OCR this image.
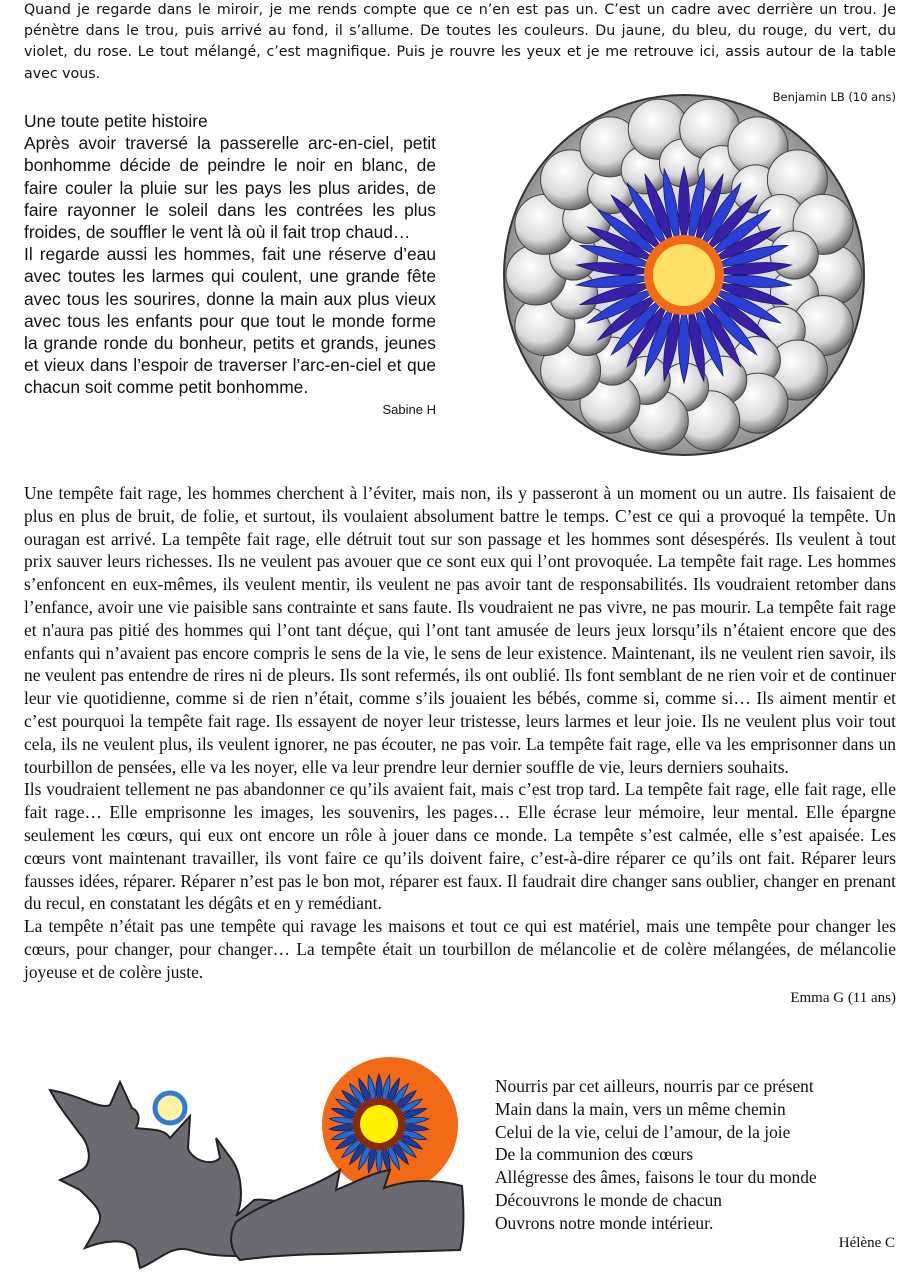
Quand je regarde dans le miroir, je me rends compte que ce n’en est pas un. C’est un cadre avec derrière un trou. Je pénètre dans le trou, puis arrivé au fond, il s’allume. De toutes les couleurs. Du jaune, du bleu, du rouge, du vert, du violet, du rose. Le tout mélangé, c’est magnifique. Puis je rouvre les yeux et je me retrouve ici, assis autour de la table avec vous.

Benjamin LB (10 ans)

Une toute petite histoire

Après avoir traversé la passerelle arc-en-ciel, petit bonhomme décide de peindre le noir en blanc, de faire couler la pluie sur les pays les plus arides, de faire rayonner le soleil dans les contrées les plus froides, de souffler le vent là où il fait trop chaud…

Il regarde aussi les hommes, fait une réserve d’eau avec toutes les larmes qui coulent, une grande fête avec tous les sourires, donne la main aux plus vieux avec tous les enfants pour que tout le monde forme la grande ronde du bonheur, petits et grands, jeunes et vieux dans l’espoir de traverser l’arc-en-ciel et que chacun soit comme petit bonhomme.

Sabine H

Une tempête fait rage, les hommes cherchent à l’éviter, mais non, ils y passeront à un moment ou un autre. Ils faisaient de plus en plus de bruit, de folie, et surtout, ils voulaient absolument battre le temps. C’est ce qui a provoqué la tempête. Un ouragan est arrivé. La tempête fait rage, elle détruit tout sur son passage et les hommes sont désespérés. Ils veulent à tout prix sauver leurs richesses. Ils ne veulent pas avouer que ce sont eux qui l’ont provoquée. La tempête fait rage. Les hommes s’enfoncent en eux-mêmes, ils veulent mentir, ils veulent ne pas avoir tant de responsabilités. Ils voudraient retomber dans l’enfance, avoir une vie paisible sans contrainte et sans faute. Ils voudraient ne pas vivre, ne pas mourir. La tempête fait rage et n'aura pas pitié des hommes qui l’ont tant déçue, qui l’ont tant amusée de leurs jeux lorsqu’ils n’étaient encore que des enfants qui n’avaient pas encore compris le sens de la vie, le sens de leur existence. Maintenant, ils ne veulent rien savoir, ils ne veulent pas entendre de rires ni de pleurs. Ils sont refermés, ils ont oublié. Ils font semblant de ne rien voir et de continuer leur vie quotidienne, comme si de rien n’était, comme s’ils jouaient les bébés, comme si, comme si… Ils aiment mentir et c’est pourquoi la tempête fait rage. Ils essayent de noyer leur tristesse, leurs larmes et leur joie. Ils ne veulent plus voir tout cela, ils ne veulent plus, ils veulent ignorer, ne pas écouter, ne pas voir. La tempête fait rage, elle va les emprisonner dans un tourbillon de pensées, elle va les noyer, elle va leur prendre leur dernier souffle de vie, leurs derniers souhaits.

Ils voudraient tellement ne pas abandonner ce qu’ils avaient fait, mais c’est trop tard. La tempête fait rage, elle fait rage, elle fait rage… Elle emprisonne les images, les souvenirs, les pages… Elle écrase leur mémoire, leur mental. Elle épargne seulement les cœurs, qui eux ont encore un rôle à jouer dans ce monde. La tempête s’est calmée, elle s’est apaisée. Les cœurs vont maintenant travailler, ils vont faire ce qu’ils doivent faire, c’est-à-dire réparer ce qu’ils ont fait. Réparer leurs fausses idées, réparer. Réparer n’est pas le bon mot, réparer est faux. Il faudrait dire changer sans oublier, changer en prenant du recul, en constatant les dégâts et en y remédiant.

La tempête n’était pas une tempête qui ravage les maisons et tout ce qui est matériel, mais une tempête pour changer les cœurs, pour changer, pour changer… La tempête était un tourbillon de mélancolie et de colère mélangées, de mélancolie joyeuse et de colère juste.

Emma G (11 ans)

Nourris par cet ailleurs, nourris par ce présent

Main dans la main, vers un même chemin

Celui de la vie, celui de l’amour, de la joie

De la communion des cœurs

Allégresse des âmes, faisons le tour du monde

Découvrons le monde de chacun

Ouvrons notre monde intérieur.

Hélène C
